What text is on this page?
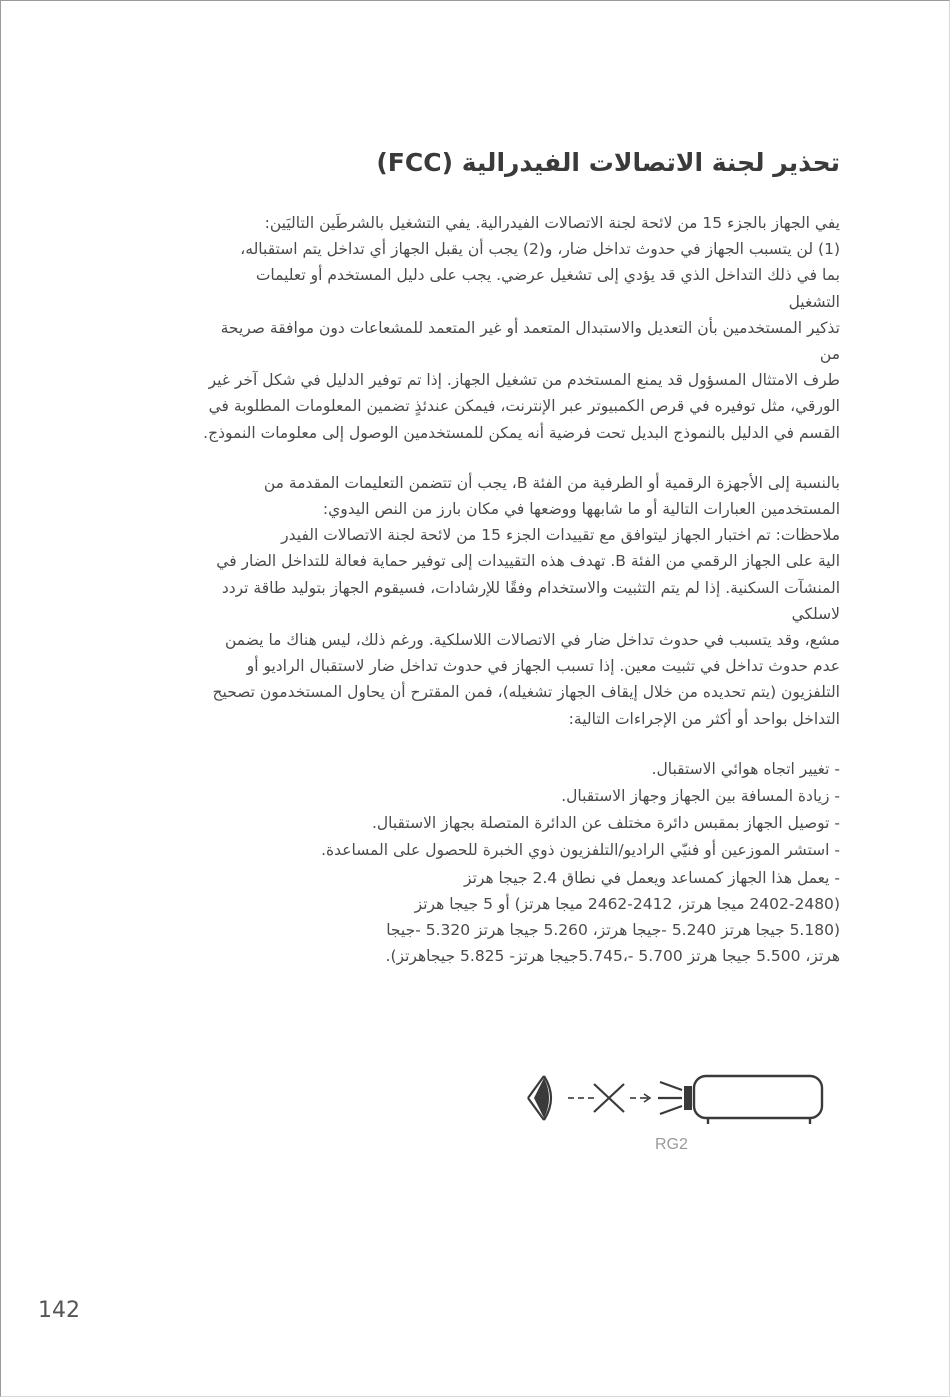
تحذير لجنة الاتصالات الفيدرالية (FCC)

يفي الجهاز بالجزء 15 من لائحة لجنة الاتصالات الفيدرالية. يفي التشغيل بالشرطَين التاليَين:
(1) لن يتسبب الجهاز في حدوث تداخل ضار، و(2) يجب أن يقبل الجهاز أي تداخل يتم استقباله،
بما في ذلك التداخل الذي قد يؤدي إلى تشغيل عرضي. يجب على دليل المستخدم أو تعليمات التشغيل
تذكير المستخدمين بأن التعديل والاستبدال المتعمد أو غير المتعمد للمشعاعات دون موافقة صريحة من
طرف الامتثال المسؤول قد يمنع المستخدم من تشغيل الجهاز. إذا تم توفير الدليل في شكل آخر غير
الورقي، مثل توفيره في قرص الكمبيوتر عبر الإنترنت، فيمكن عندئذٍ تضمين المعلومات المطلوبة في
القسم في الدليل بالنموذج البديل تحت فرضية أنه يمكن للمستخدمين الوصول إلى معلومات النموذج.

بالنسبة إلى الأجهزة الرقمية أو الطرفية من الفئة B، يجب أن تتضمن التعليمات المقدمة من
المستخدمين العبارات التالية أو ما شابهها ووضعها في مكان بارز من النص اليدوي:
ملاحظات: تم اختبار الجهاز ليتوافق مع تقييدات الجزء 15 من لائحة لجنة الاتصالات الفيدر
الية على الجهاز الرقمي من الفئة B. تهدف هذه التقييدات إلى توفير حماية فعالة للتداخل الضار في
المنشآت السكنية. إذا لم يتم التثبيت والاستخدام وفقًا للإرشادات، فسيقوم الجهاز بتوليد طاقة تردد لاسلكي
مشع، وقد يتسبب في حدوث تداخل ضار في الاتصالات اللاسلكية. ورغم ذلك، ليس هناك ما يضمن
عدم حدوث تداخل في تثبيت معين. إذا تسبب الجهاز في حدوث تداخل ضار لاستقبال الراديو أو
التلفزيون (يتم تحديده من خلال إيقاف الجهاز تشغيله)، فمن المقترح أن يحاول المستخدمون تصحيح
التداخل بواحد أو أكثر من الإجراءات التالية:

- تغيير اتجاه هوائي الاستقبال.
- زيادة المسافة بين الجهاز وجهاز الاستقبال.
- توصيل الجهاز بمقبس دائرة مختلف عن الدائرة المتصلة بجهاز الاستقبال.
- استشر الموزعين أو فنيّي الراديو/التلفزيون ذوي الخبرة للحصول على المساعدة.
- يعمل هذا الجهاز كمساعد ويعمل في نطاق 2.4 جيجا هرتز
(2402-2480 ميجا هرتز، 2412-2462 ميجا هرتز) أو 5 جيجا هرتز
(5.180 جيجا هرتز 5.240 -جيجا هرتز، 5.260 جيجا هرتز 5.320 -جيجا
هرتز، 5.500 جيجا هرتز 5.700 -،5.745جيجا هرتز- 5.825 جيجاهرتز).
RG2
142
